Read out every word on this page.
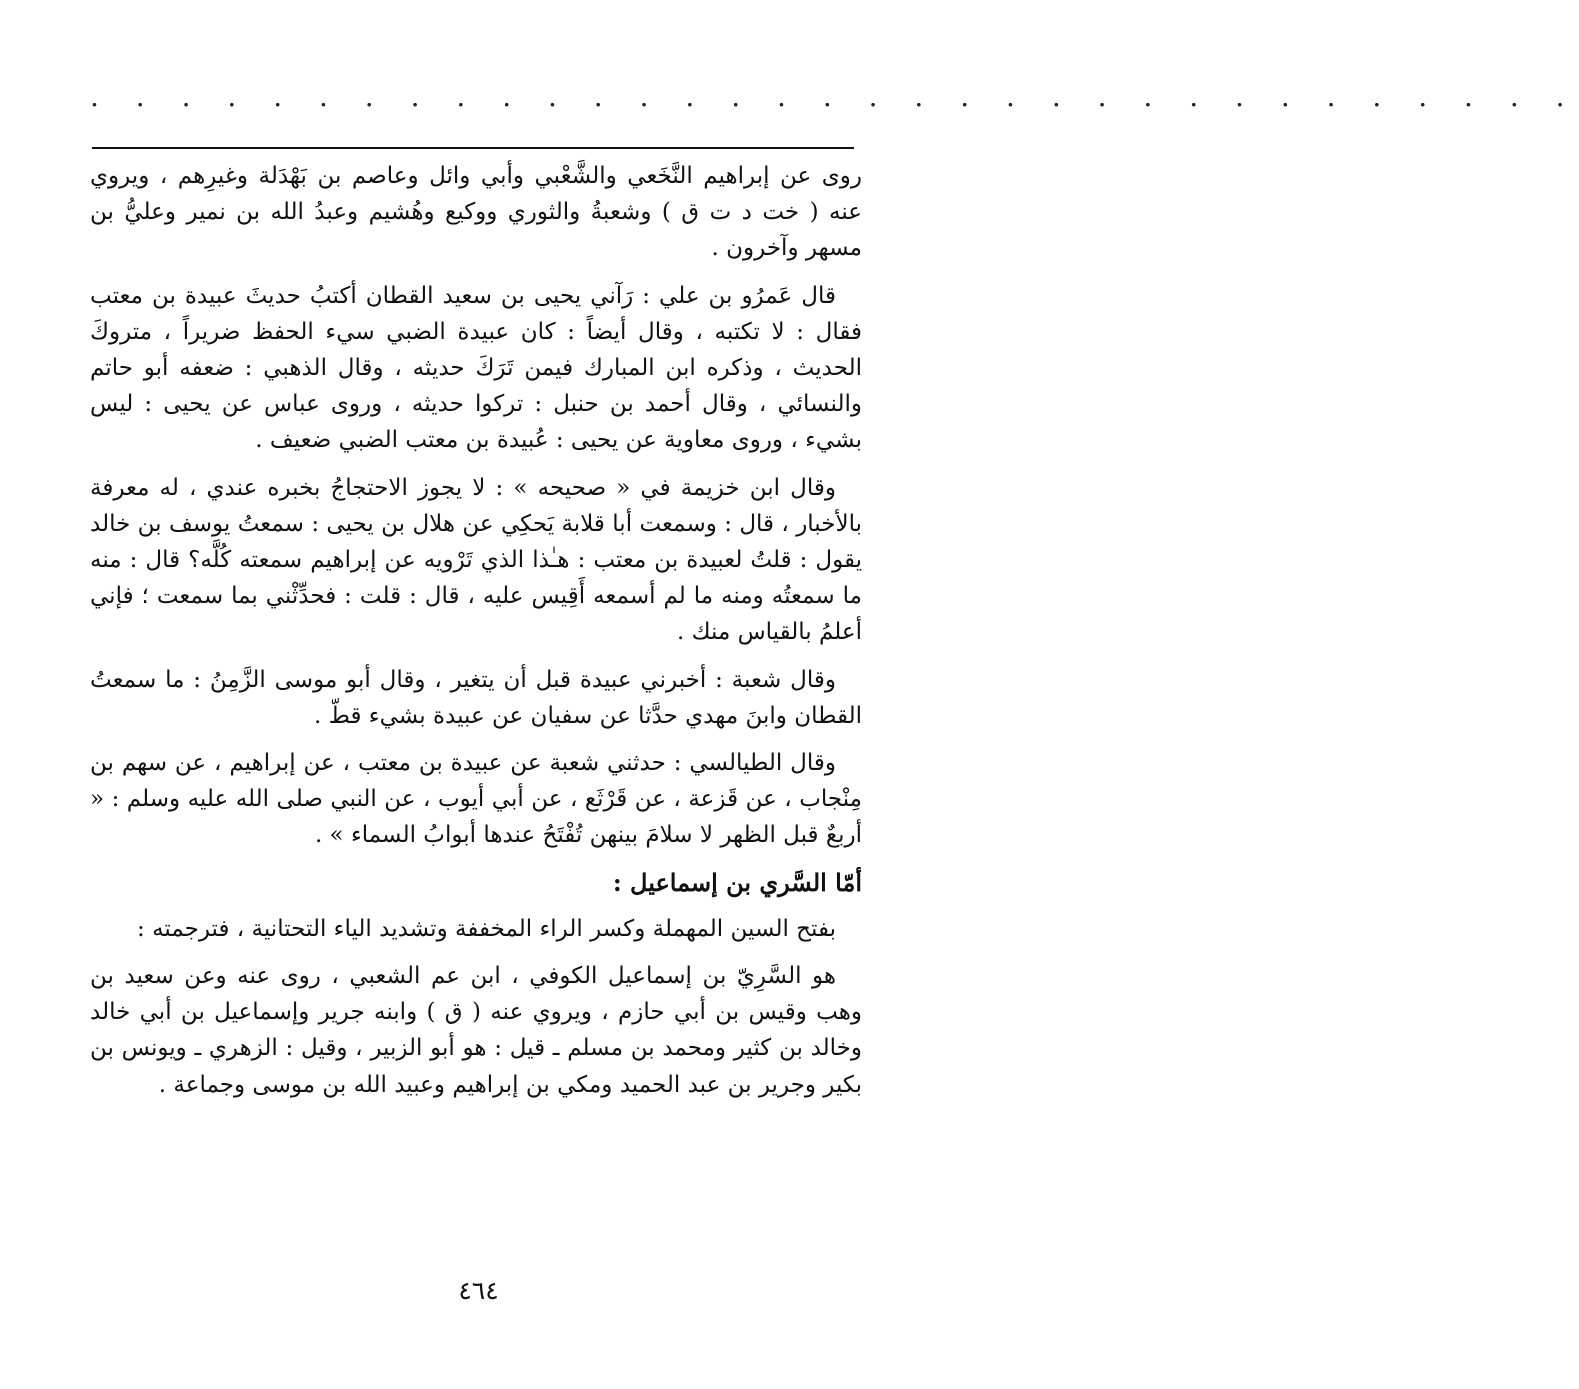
. . . . . . . . . . . . . . . . . . . . . . . . . . . . . . . . .

روى عن إبراهيم النَّخَعي والشَّعْبي وأبي وائل وعاصم بن بَهْدَلة وغيرِهم ، ويروي عنه ( خت د ت ق ) وشعبةُ والثوري ووكيع وهُشيم وعبدُ الله بن نمير وعليُّ بن مسهر وآخرون .

قال عَمرُو بن علي : رَآني يحيى بن سعيد القطان أكتبُ حديثَ عبيدة بن معتب فقال : لا تكتبه ، وقال أيضاً : كان عبيدة الضبي سيء الحفظ ضريراً ، متروكَ الحديث ، وذكره ابن المبارك فيمن تَرَكَ حديثه ، وقال الذهبي : ضعفه أبو حاتم والنسائي ، وقال أحمد بن حنبل : تركوا حديثه ، وروى عباس عن يحيى : ليس بشيء ، وروى معاوية عن يحيى : عُبيدة بن معتب الضبي ضعيف .

وقال ابن خزيمة في « صحيحه » : لا يجوز الاحتجاجُ بخبره عندي ، له معرفة بالأخبار ، قال : وسمعت أبا قلابة يَحكِي عن هلال بن يحيى : سمعتُ يوسف بن خالد يقول : قلتُ لعبيدة بن معتب : هـٰذا الذي تَرْويه عن إبراهيم سمعته كُلَّه؟ قال : منه ما سمعتُه ومنه ما لم أسمعه أَقِيس عليه ، قال : قلت : فحدِّثْني بما سمعت ؛ فإني أعلمُ بالقياس منك .

وقال شعبة : أخبرني عبيدة قبل أن يتغير ، وقال أبو موسى الزَّمِنُ : ما سمعتُ القطان وابنَ مهدي حدَّثا عن سفيان عن عبيدة بشيء قطّ .

وقال الطيالسي : حدثني شعبة عن عبيدة بن معتب ، عن إبراهيم ، عن سهم بن مِنْجاب ، عن قَزعة ، عن قَرْثَع ، عن أبي أيوب ، عن النبي صلى الله عليه وسلم : « أربعٌ قبل الظهر لا سلامَ بينهن تُفْتَحُ عندها أبوابُ السماء » .

أمّا السَّري بن إسماعيل :

بفتح السين المهملة وكسر الراء المخففة وتشديد الياء التحتانية ، فترجمته :

هو السَّرِيّ بن إسماعيل الكوفي ، ابن عم الشعبي ، روى عنه وعن سعيد بن وهب وقيس بن أبي حازم ، ويروي عنه ( ق ) وابنه جرير وإسماعيل بن أبي خالد وخالد بن كثير ومحمد بن مسلم ـ قيل : هو أبو الزبير ، وقيل : الزهري ـ ويونس بن بكير وجرير بن عبد الحميد ومكي بن إبراهيم وعبيد الله بن موسى وجماعة .

٤٦٤
